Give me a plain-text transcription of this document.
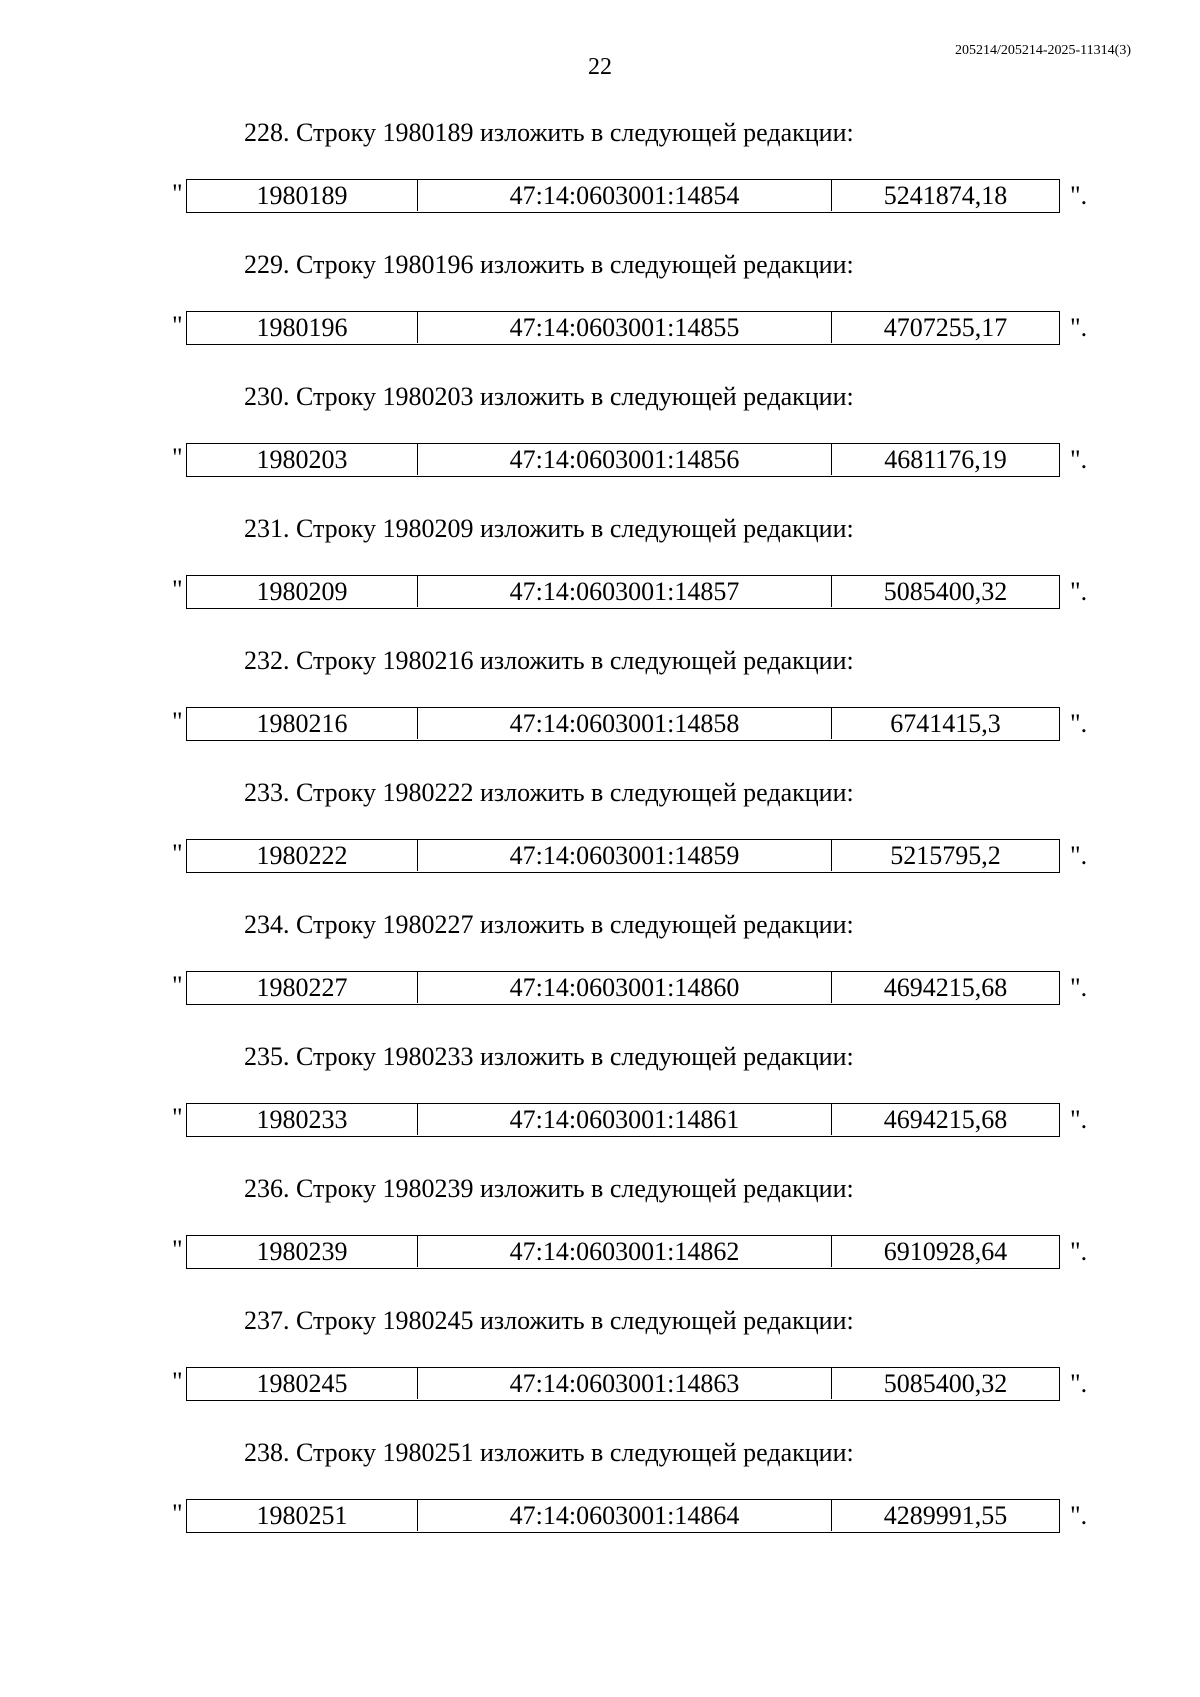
22
205214/205214-2025-11314(3)
228. Строку 1980189 изложить в следующей редакции:
"	1980189	47:14:0603001:14854	5241874,18	".
229. Строку 1980196 изложить в следующей редакции:
"	1980196	47:14:0603001:14855	4707255,17	".
230. Строку 1980203 изложить в следующей редакции:
"	1980203	47:14:0603001:14856	4681176,19	".
231. Строку 1980209 изложить в следующей редакции:
"	1980209	47:14:0603001:14857	5085400,32	".
232. Строку 1980216 изложить в следующей редакции:
"	1980216	47:14:0603001:14858	6741415,3	".
233. Строку 1980222 изложить в следующей редакции:
"	1980222	47:14:0603001:14859	5215795,2	".
234. Строку 1980227 изложить в следующей редакции:
"	1980227	47:14:0603001:14860	4694215,68	".
235. Строку 1980233 изложить в следующей редакции:
"	1980233	47:14:0603001:14861	4694215,68	".
236. Строку 1980239 изложить в следующей редакции:
"	1980239	47:14:0603001:14862	6910928,64	".
237. Строку 1980245 изложить в следующей редакции:
"	1980245	47:14:0603001:14863	5085400,32	".
238. Строку 1980251 изложить в следующей редакции:
"	1980251	47:14:0603001:14864	4289991,55	".
